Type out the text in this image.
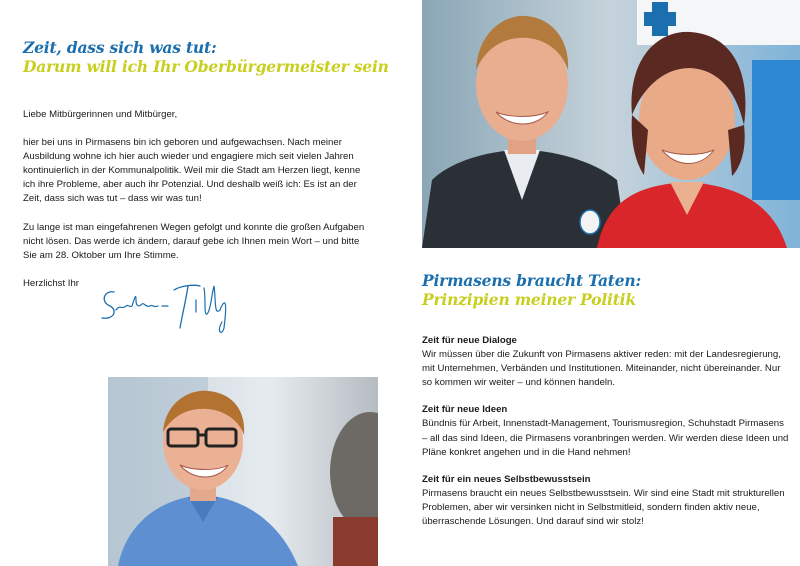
Zeit, dass sich was tut:
Darum will ich Ihr Oberbürgermeister sein

Liebe Mitbürgerinnen und Mitbürger,

hier bei uns in Pirmasens bin ich geboren und aufgewachsen. Nach meiner Ausbildung wohne ich hier auch wieder und engagiere mich seit vielen Jahren kontinuierlich in der Kommunalpolitik. Weil mir die Stadt am Herzen liegt, kenne ich ihre Probleme, aber auch ihr Potenzial. Und deshalb weiß ich: Es ist an der Zeit, dass sich was tut – dass wir was tun!

Zu lange ist man eingefahrenen Wegen gefolgt und konnte die großen Aufgaben nicht lösen. Das werde ich ändern, darauf gebe ich Ihnen mein Wort – und bitte Sie am 28. Oktober um Ihre Stimme.

Herzlichst Ihr	Pirmasens braucht Taten:
Prinzipien meiner Politik
Zeit für neue Dialoge
Wir müssen über die Zukunft von Pirmasens aktiver reden: mit der Landesregierung, mit Unternehmen, Verbänden und Institutionen. Miteinander, nicht übereinander. Nur so kommen wir weiter – und können handeln.
Zeit für neue Ideen
Bündnis für Arbeit, Innenstadt-Management, Tourismusregion, Schuhstadt Pirmasens – all das sind Ideen, die Pirmasens voranbringen werden. Wir werden diese Ideen und Pläne konkret angehen und in die Hand nehmen!
Zeit für ein neues Selbstbewusstsein
Pirmasens braucht ein neues Selbstbewusstsein. Wir sind eine Stadt mit strukturellen Problemen, aber wir versinken nicht in Selbstmitleid, sondern finden aktiv neue, überraschende Lösungen. Und darauf sind wir stolz!
